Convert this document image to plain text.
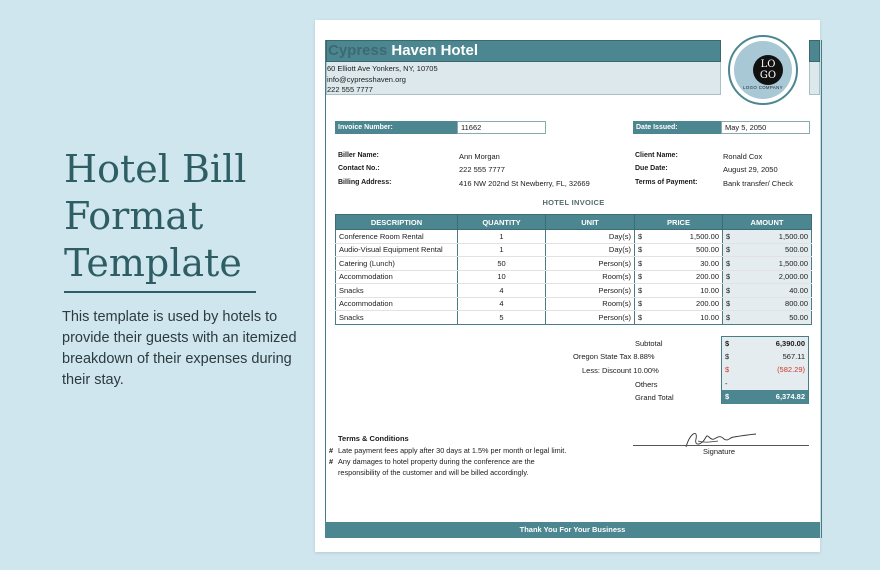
Hotel Bill
Format
Template
This template is used by hotels to provide their guests with an itemized breakdown of their expenses during their stay.
Cypress Haven Hotel
60 Elliott Ave Yonkers, NY, 10705
info@cypresshaven.org
222 555 7777
LO
GO
LOGO COMPANY
Invoice Number:	11662	Date Issued:	May 5, 2050
Biller Name:	Ann Morgan
Contact No.:	222 555 7777
Billing Address:	416 NW 202nd St Newberry, FL, 32669
Client Name:	Ronald Cox
Due Date:	August 29, 2050
Terms of Payment:	Bank transfer/ Check
HOTEL INVOICE
DESCRIPTION	QUANTITY	UNIT	PRICE	AMOUNT
Conference Room Rental	1	Day(s)	$ 1,500.00	$ 1,500.00
Audio-Visual Equipment Rental	1	Day(s)	$ 500.00	$ 500.00
Catering (Lunch)	50	Person(s)	$ 30.00	$ 1,500.00
Accommodation	10	Room(s)	$ 200.00	$ 2,000.00
Snacks	4	Person(s)	$ 10.00	$ 40.00
Accommodation	4	Room(s)	$ 200.00	$ 800.00
Snacks	5	Person(s)	$ 10.00	$ 50.00
Subtotal	$	6,390.00
Oregon State Tax 8.88%	$	567.11
Less: Discount 10.00%	$	(582.29)
Others	-
Grand Total	$	6,374.82
Terms & Conditions
# Late payment fees apply after 30 days at 1.5% per month or legal limit.
# Any damages to hotel property during the conference are the responsibility of the customer and will be billed accordingly.
Signature
Thank You For Your Business
